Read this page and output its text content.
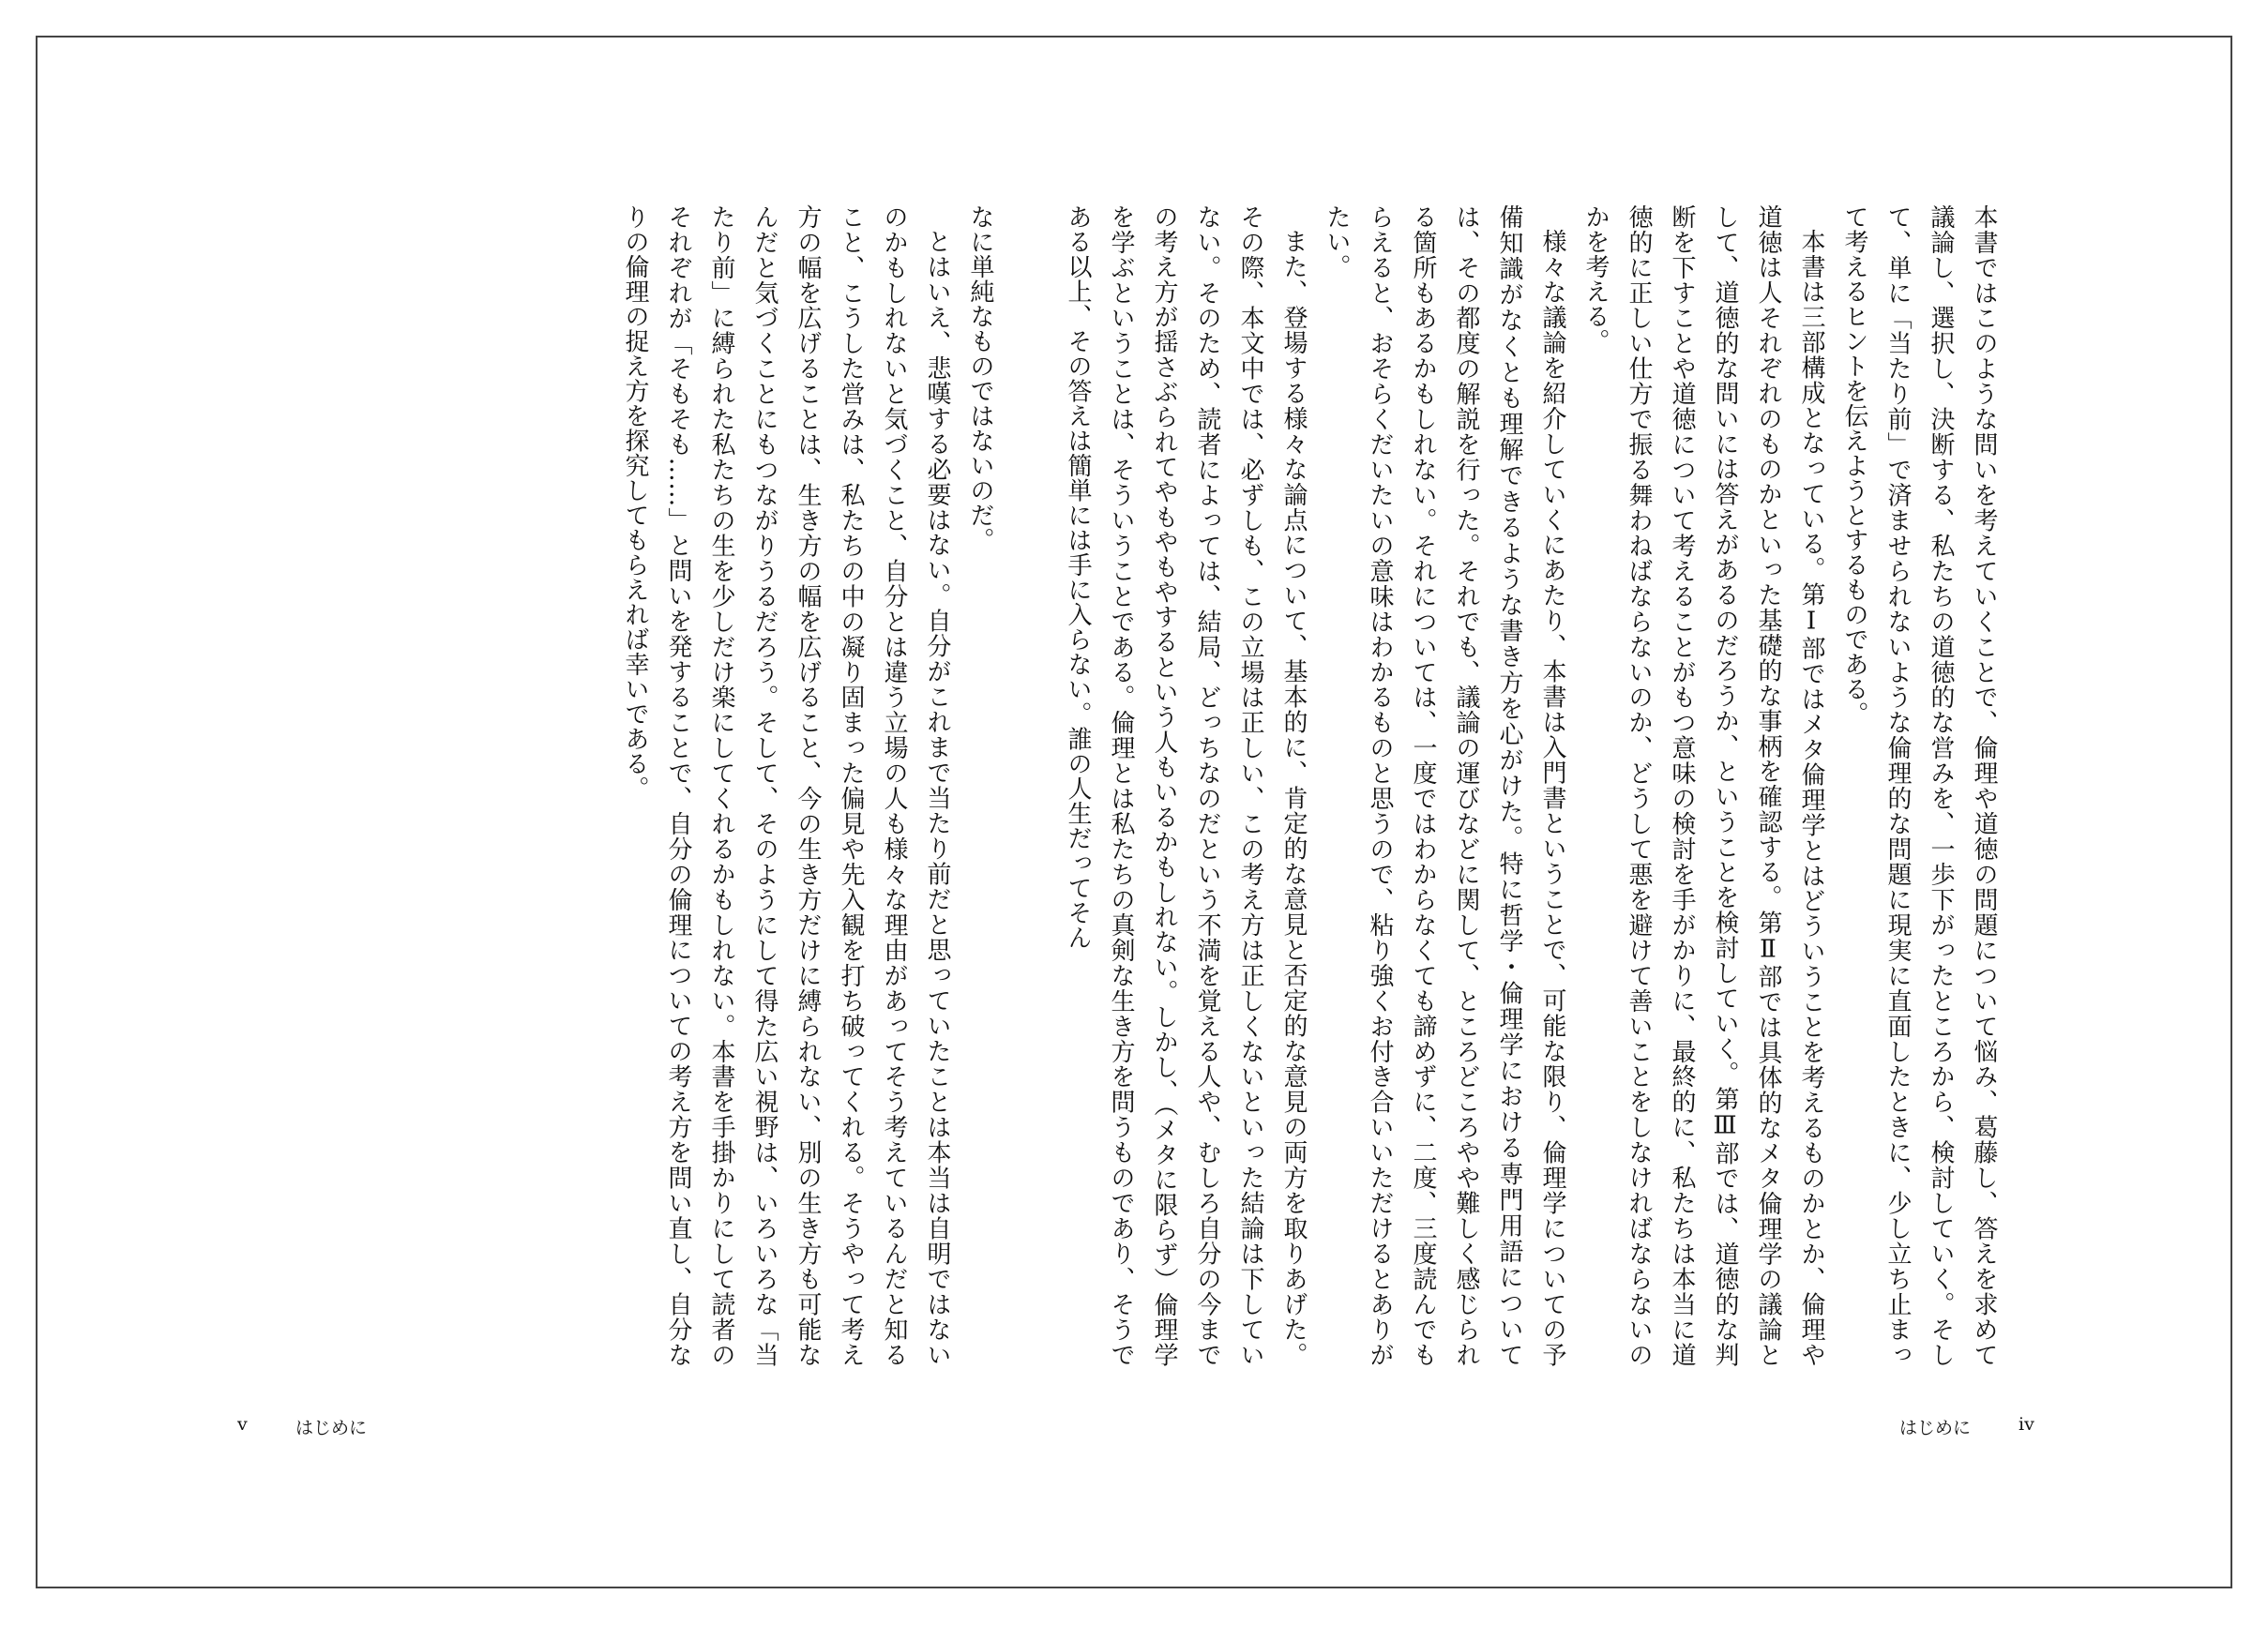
本書ではこのような問いを考えていくことで、倫理や道徳の問題について悩み、葛藤し、答えを求めて議論し、選択し、決断する、私たちの道徳的な営みを、一歩下がったところから、検討していく。そして、単に「当たり前」で済ませられないような倫理的な問題に現実に直面したときに、少し立ち止まって考えるヒントを伝えようとするものである。

本書は三部構成となっている。第Ⅰ部ではメタ倫理学とはどういうことを考えるものかとか、倫理や道徳は人それぞれのものかといった基礎的な事柄を確認する。第Ⅱ部では具体的なメタ倫理学の議論として、道徳的な問いには答えがあるのだろうか、ということを検討していく。第Ⅲ部では、道徳的な判断を下すことや道徳について考えることがもつ意味の検討を手がかりに、最終的に、私たちは本当に道徳的に正しい仕方で振る舞わねばならないのか、どうして悪を避けて善いことをしなければならないのかを考える。

様々な議論を紹介していくにあたり、本書は入門書ということで、可能な限り、倫理学についての予備知識がなくとも理解できるような書き方を心がけた。特に哲学・倫理学における専門用語については、その都度の解説を行った。それでも、議論の運びなどに関して、ところどころやや難しく感じられる箇所もあるかもしれない。それについては、一度ではわからなくても諦めずに、二度、三度読んでもらえると、おそらくだいたいの意味はわかるものと思うので、粘り強くお付き合いいただけるとありがたい。

また、登場する様々な論点について、基本的に、肯定的な意見と否定的な意見の両方を取りあげた。その際、本文中では、必ずしも、この立場は正しい、この考え方は正しくないといった結論は下していない。そのため、読者によっては、結局、どっちなのだという不満を覚える人や、むしろ自分の今までの考え方が揺さぶられてやもやもやするという人もいるかもしれない。しかし、（メタに限らず）倫理学を学ぶということは、そういうことである。倫理とは私たちの真剣な生き方を問うものであり、そうである以上、その答えは簡単には手に入らない。誰の人生だってそん

なに単純なものではないのだ。

とはいえ、悲嘆する必要はない。自分がこれまで当たり前だと思っていたことは本当は自明ではないのかもしれないと気づくこと、自分とは違う立場の人も様々な理由があってそう考えているんだと知ること、こうした営みは、私たちの中の凝り固まった偏見や先入観を打ち破ってくれる。そうやって考え方の幅を広げることは、生き方の幅を広げること、今の生き方だけに縛られない、別の生き方も可能なんだと気づくことにもつながりうるだろう。そして、そのようにして得た広い視野は、いろいろな「当たり前」に縛られた私たちの生を少しだけ楽にしてくれるかもしれない。本書を手掛かりにして読者のそれぞれが「そもそも……」と問いを発することで、自分の倫理についての考え方を問い直し、自分なりの倫理の捉え方を探究してもらえれば幸いである。

v	はじめに	はじめに	iv
